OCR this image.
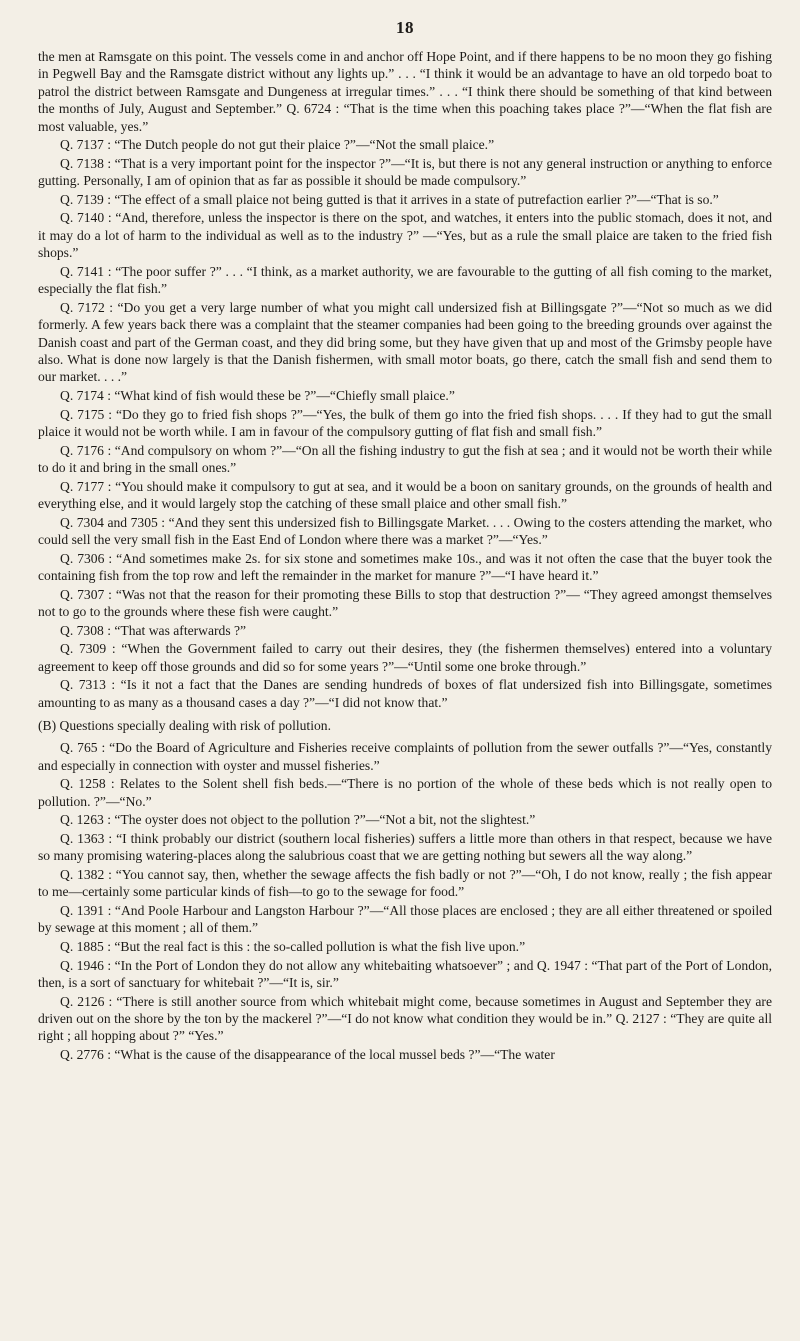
18

the men at Ramsgate on this point. The vessels come in and anchor off Hope Point, and if there happens to be no moon they go fishing in Pegwell Bay and the Ramsgate district without any lights up.” . . . “I think it would be an advantage to have an old torpedo boat to patrol the district between Ramsgate and Dungeness at irregular times.” . . . “I think there should be something of that kind between the months of July, August and September.” Q. 6724 : “That is the time when this poaching takes place ?”—“When the flat fish are most valuable, yes.”

Q. 7137 : “The Dutch people do not gut their plaice ?”—“Not the small plaice.”

Q. 7138 : “That is a very important point for the inspector ?”—“It is, but there is not any general instruction or anything to enforce gutting. Personally, I am of opinion that as far as possible it should be made compulsory.”

Q. 7139 : “The effect of a small plaice not being gutted is that it arrives in a state of putrefaction earlier ?”—“That is so.”

Q. 7140 : “And, therefore, unless the inspector is there on the spot, and watches, it enters into the public stomach, does it not, and it may do a lot of harm to the individual as well as to the industry ?” —“Yes, but as a rule the small plaice are taken to the fried fish shops.”

Q. 7141 : “The poor suffer ?” . . . “I think, as a market authority, we are favourable to the gutting of all fish coming to the market, especially the flat fish.”

Q. 7172 : “Do you get a very large number of what you might call undersized fish at Billingsgate ?”—“Not so much as we did formerly. A few years back there was a complaint that the steamer companies had been going to the breeding grounds over against the Danish coast and part of the German coast, and they did bring some, but they have given that up and most of the Grimsby people have also. What is done now largely is that the Danish fishermen, with small motor boats, go there, catch the small fish and send them to our market. . . .”

Q. 7174 : “What kind of fish would these be ?”—“Chiefly small plaice.”

Q. 7175 : “Do they go to fried fish shops ?”—“Yes, the bulk of them go into the fried fish shops. . . . If they had to gut the small plaice it would not be worth while. I am in favour of the compulsory gutting of flat fish and small fish.”

Q. 7176 : “And compulsory on whom ?”—“On all the fishing industry to gut the fish at sea ; and it would not be worth their while to do it and bring in the small ones.”

Q. 7177 : “You should make it compulsory to gut at sea, and it would be a boon on sanitary grounds, on the grounds of health and everything else, and it would largely stop the catching of these small plaice and other small fish.”

Q. 7304 and 7305 : “And they sent this undersized fish to Billingsgate Market. . . . Owing to the costers attending the market, who could sell the very small fish in the East End of London where there was a market ?”—“Yes.”

Q. 7306 : “And sometimes make 2s. for six stone and sometimes make 10s., and was it not often the case that the buyer took the containing fish from the top row and left the remainder in the market for manure ?”—“I have heard it.”

Q. 7307 : “Was not that the reason for their promoting these Bills to stop that destruction ?”— “They agreed amongst themselves not to go to the grounds where these fish were caught.”

Q. 7308 : “That was afterwards ?”

Q. 7309 : “When the Government failed to carry out their desires, they (the fishermen themselves) entered into a voluntary agreement to keep off those grounds and did so for some years ?”—“Until some one broke through.”

Q. 7313 : “Is it not a fact that the Danes are sending hundreds of boxes of flat undersized fish into Billingsgate, sometimes amounting to as many as a thousand cases a day ?”—“I did not know that.”

(B) Questions specially dealing with risk of pollution.

Q. 765 : “Do the Board of Agriculture and Fisheries receive complaints of pollution from the sewer outfalls ?”—“Yes, constantly and especially in connection with oyster and mussel fisheries.”

Q. 1258 : Relates to the Solent shell fish beds.—“There is no portion of the whole of these beds which is not really open to pollution. ?”—“No.”

Q. 1263 : “The oyster does not object to the pollution ?”—“Not a bit, not the slightest.”

Q. 1363 : “I think probably our district (southern local fisheries) suffers a little more than others in that respect, because we have so many promising watering-places along the salubrious coast that we are getting nothing but sewers all the way along.”

Q. 1382 : “You cannot say, then, whether the sewage affects the fish badly or not ?”—“Oh, I do not know, really ; the fish appear to me—certainly some particular kinds of fish—to go to the sewage for food.”

Q. 1391 : “And Poole Harbour and Langston Harbour ?”—“All those places are enclosed ; they are all either threatened or spoiled by sewage at this moment ; all of them.”

Q. 1885 : “But the real fact is this : the so-called pollution is what the fish live upon.”

Q. 1946 : “In the Port of London they do not allow any whitebaiting whatsoever” ; and Q. 1947 : “That part of the Port of London, then, is a sort of sanctuary for whitebait ?”—“It is, sir.”

Q. 2126 : “There is still another source from which whitebait might come, because sometimes in August and September they are driven out on the shore by the ton by the mackerel ?”—“I do not know what condition they would be in.” Q. 2127 : “They are quite all right ; all hopping about ?” “Yes.”

Q. 2776 : “What is the cause of the disappearance of the local mussel beds ?”—“The water
